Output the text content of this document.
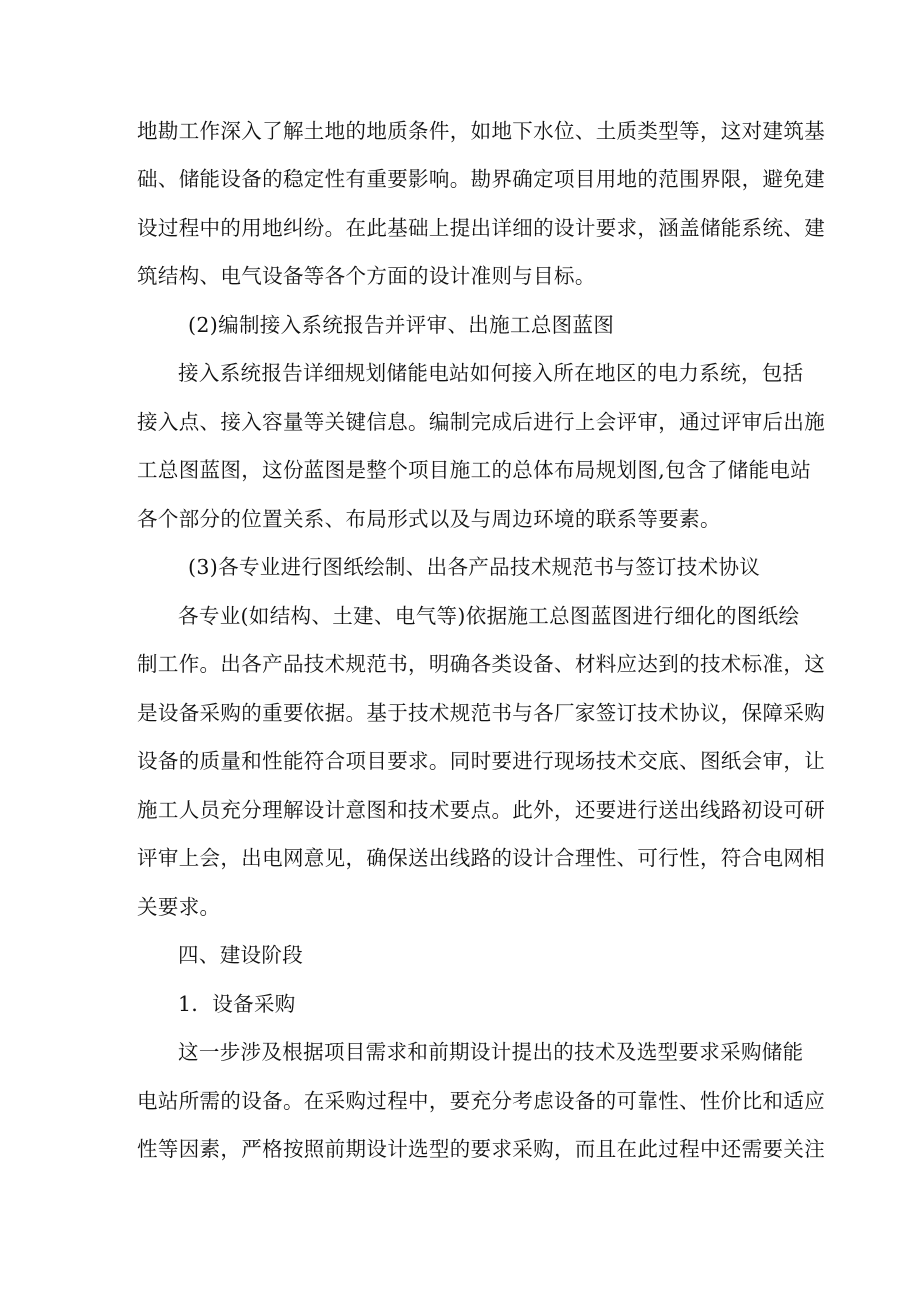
地勘工作深入了解土地的地质条件，如地下水位、土质类型等，这对建筑基
础、储能设备的稳定性有重要影响。勘界确定项目用地的范围界限，避免建
设过程中的用地纠纷。在此基础上提出详细的设计要求，涵盖储能系统、建
筑结构、电气设备等各个方面的设计准则与目标。
(2)编制接入系统报告并评审、出施工总图蓝图
接入系统报告详细规划储能电站如何接入所在地区的电力系统，包括
接入点、接入容量等关键信息。编制完成后进行上会评审，通过评审后出施
工总图蓝图，这份蓝图是整个项目施工的总体布局规划图,包含了储能电站
各个部分的位置关系、布局形式以及与周边环境的联系等要素。
(3)各专业进行图纸绘制、出各产品技术规范书与签订技术协议
各专业(如结构、土建、电气等)依据施工总图蓝图进行细化的图纸绘
制工作。出各产品技术规范书，明确各类设备、材料应达到的技术标准，这
是设备采购的重要依据。基于技术规范书与各厂家签订技术协议，保障采购
设备的质量和性能符合项目要求。同时要进行现场技术交底、图纸会审，让
施工人员充分理解设计意图和技术要点。此外，还要进行送出线路初设可研
评审上会，出电网意见，确保送出线路的设计合理性、可行性，符合电网相
关要求。
四、建设阶段
1．设备采购
这一步涉及根据项目需求和前期设计提出的技术及选型要求采购储能
电站所需的设备。在采购过程中，要充分考虑设备的可靠性、性价比和适应
性等因素，严格按照前期设计选型的要求采购，而且在此过程中还需要关注
